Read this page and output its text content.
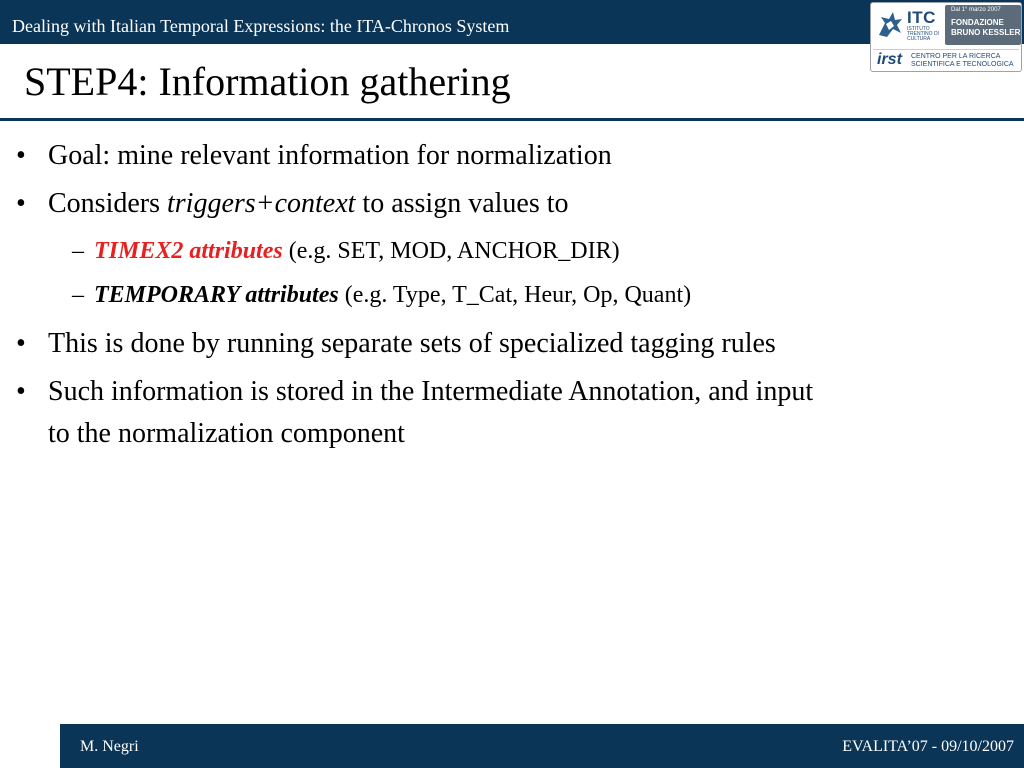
Dealing with Italian Temporal Expressions: the ITA-Chronos System	ITC
ISTITUTO TRENTINO DI CULTURA
Dal 1° marzo 2007
FONDAZIONE
BRUNO KESSLER
irst CENTRO PER LA RICERCA
SCIENTIFICA E TECNOLOGICA
STEP4: Information gathering
• Goal: mine relevant information for normalization
• Considers triggers+context to assign values to
– TIMEX2 attributes (e.g. SET, MOD, ANCHOR_DIR)
– TEMPORARY attributes (e.g. Type, T_Cat, Heur, Op, Quant)
• This is done by running separate sets of specialized tagging rules
• Such information is stored in the Intermediate Annotation, and input
to the normalization component
M. Negri	EVALITA’07 - 09/10/2007
